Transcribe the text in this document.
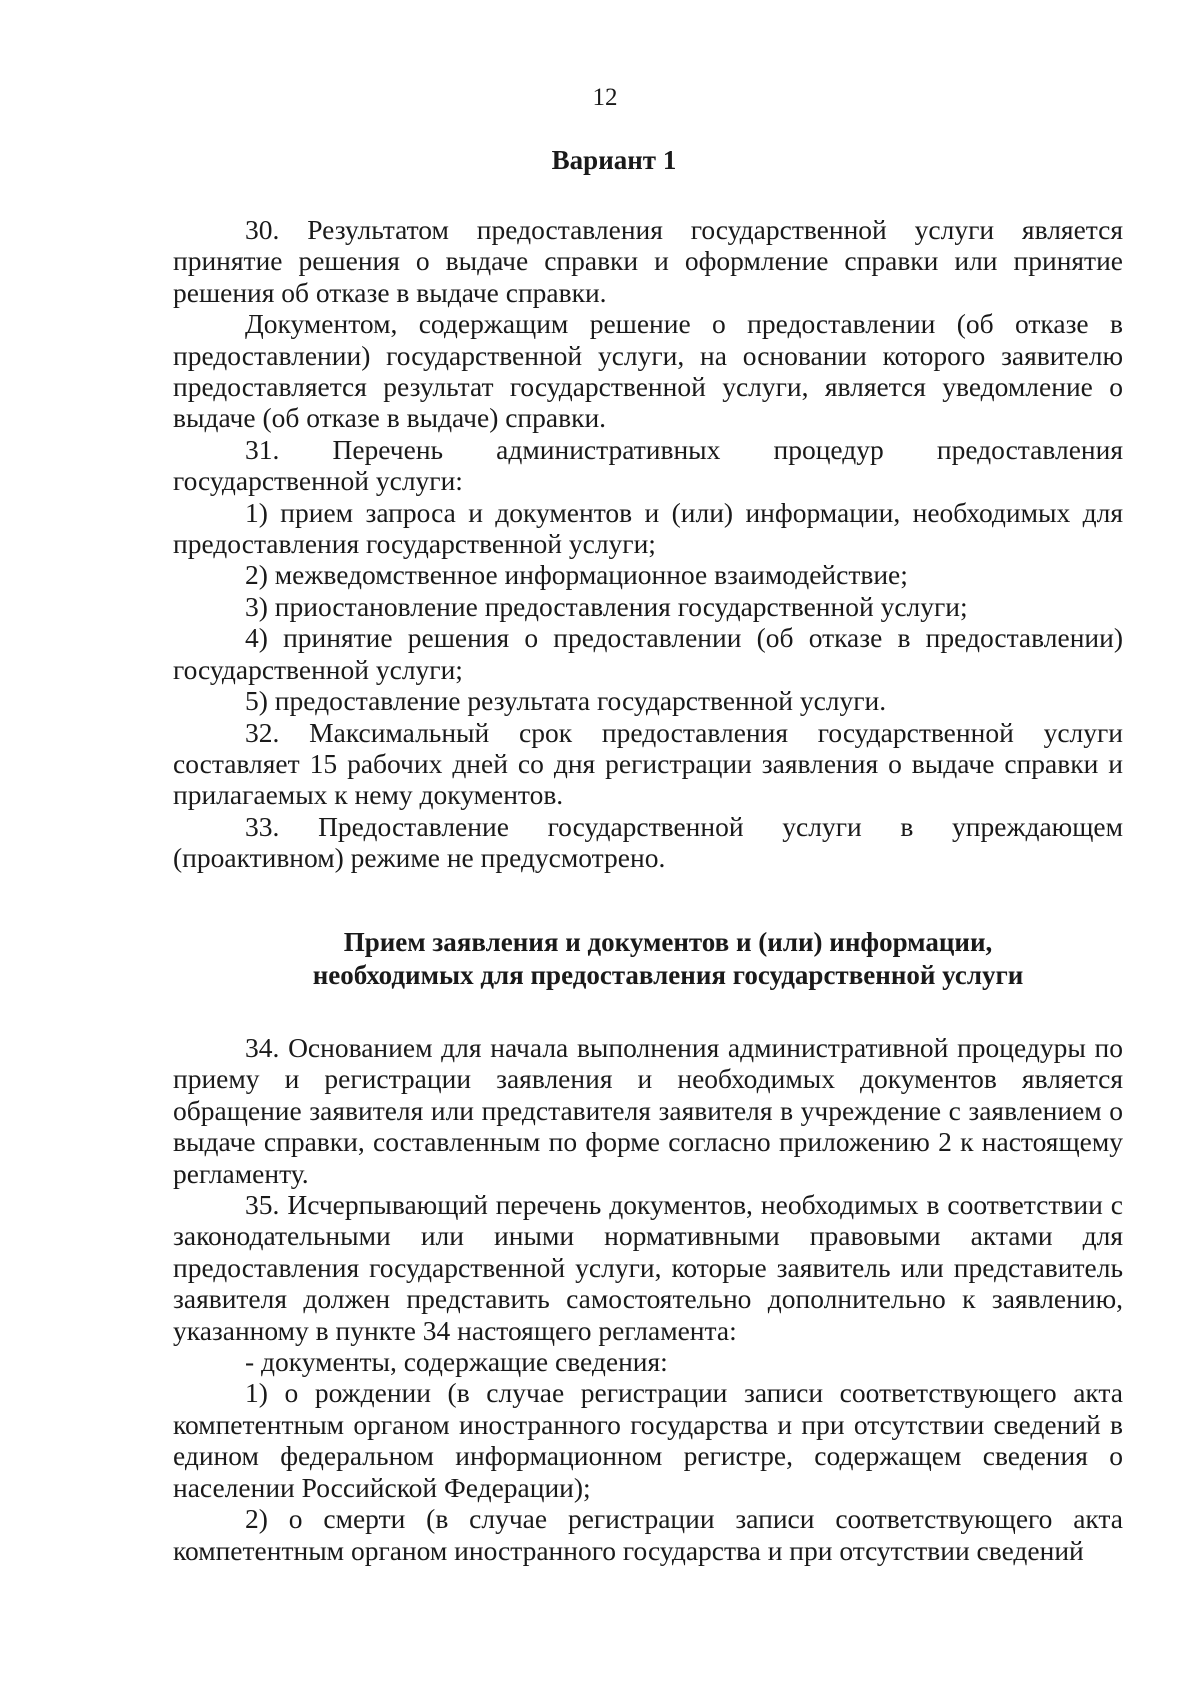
12
Вариант 1

30. Результатом предоставления государственной услуги является принятие решения о выдаче справки и оформление справки или принятие решения об отказе в выдаче справки.

Документом, содержащим решение о предоставлении (об отказе в предоставлении) государственной услуги, на основании которого заявителю предоставляется результат государственной услуги, является уведомление о выдаче (об отказе в выдаче) справки.

31. Перечень административных процедур предоставления государственной услуги:

1) прием запроса и документов и (или) информации, необходимых для предоставления государственной услуги;

2) межведомственное информационное взаимодействие;

3) приостановление предоставления государственной услуги;

4) принятие решения о предоставлении (об отказе в предоставлении) государственной услуги;

5) предоставление результата государственной услуги.

32. Максимальный срок предоставления государственной услуги составляет 15 рабочих дней со дня регистрации заявления о выдаче справки и прилагаемых к нему документов.

33. Предоставление государственной услуги в упреждающем (проактивном) режиме не предусмотрено.

Прием заявления и документов и (или) информации,
необходимых для предоставления государственной услуги

34. Основанием для начала выполнения административной процедуры по приему и регистрации заявления и необходимых документов является обращение заявителя или представителя заявителя в учреждение с заявлением о выдаче справки, составленным по форме согласно приложению 2 к настоящему регламенту.

35. Исчерпывающий перечень документов, необходимых в соответствии с законодательными или иными нормативными правовыми актами для предоставления государственной услуги, которые заявитель или представитель заявителя должен представить самостоятельно дополнительно к заявлению, указанному в пункте 34 настоящего регламента:

- документы, содержащие сведения:

1) о рождении (в случае регистрации записи соответствующего акта компетентным органом иностранного государства и при отсутствии сведений в едином федеральном информационном регистре, содержащем сведения о населении Российской Федерации);

2) о смерти (в случае регистрации записи соответствующего акта компетентным органом иностранного государства и при отсутствии сведений
